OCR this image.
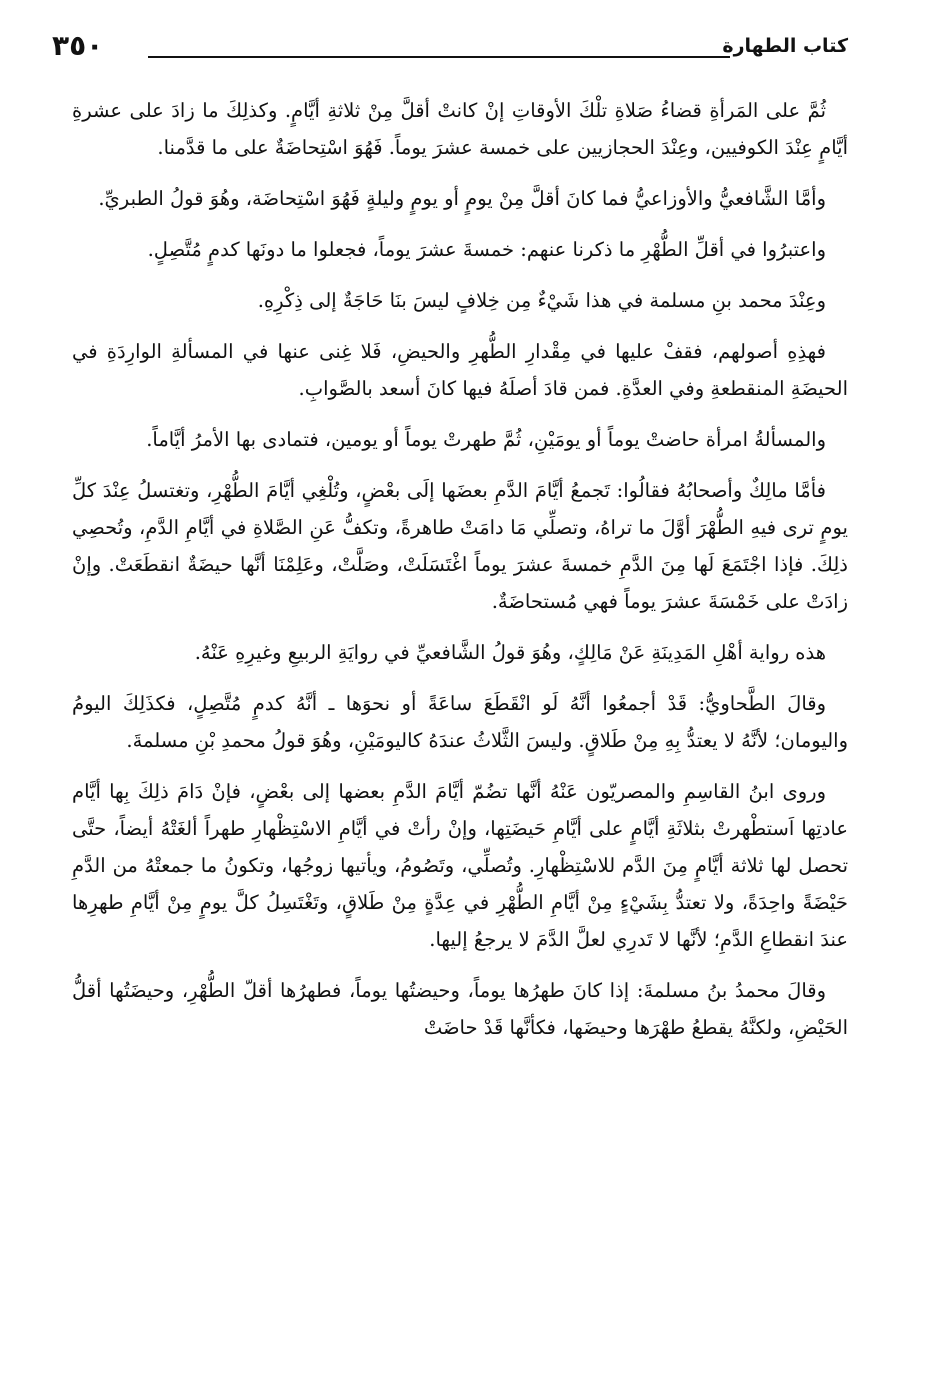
٣٥٠	كتاب الطهارة

ثُمَّ على المَرأةِ قضاءُ صَلاةِ تلْكَ الأوقاتِ إنْ كانتْ أقلَّ مِنْ ثلاثةِ أيَّامٍ. وكذلِكَ ما زادَ على عشرةِ أيَّامٍ عِنْدَ الكوفيين، وعِنْدَ الحجازيين على خمسة عشرَ يوماً. فَهُوَ اسْتِحاضَةٌ على ما قدَّمنا.

وأمَّا الشَّافعيُّ والأوزاعيُّ فما كانَ أقلَّ مِنْ يومٍ أو يومٍ وليلةٍ فَهُوَ اسْتِحاضَة، وهُوَ قولُ الطبريِّ.

واعتبرُوا في أقلِّ الطُّهْرِ ما ذكرنا عنهم: خمسةَ عشرَ يوماً، فجعلوا ما دونَها كدمٍ مُتَّصِلٍ.

وعِنْدَ محمد بنِ مسلمة في هذا شَيْءٌ مِن خِلافٍ ليسَ بنَا حَاجَةٌ إلى ذِكْرِهِ.

فهذِهِ أصولهم، فقفْ عليها في مِقْدارِ الطُّهرِ والحيضِ، فَلا غِنى عنها في المسألةِ الوارِدَةِ في الحيضَةِ المنقطعةِ وفي العدَّةِ. فمن قادَ أصلَهُ فيها كانَ أسعد بالصَّوابِ.

والمسألةُ امرأة حاضتْ يوماً أو يومَيْنِ، ثُمَّ طهرتْ يوماً أو يومين، فتمادى بها الأمرُ أيَّاماً.

فأمَّا مالِكٌ وأصحابُهُ فقالُوا: تَجمعُ أيَّامَ الدَّمِ بعضَها إلَى بعْضٍ، وتُلْغِي أيَّامَ الطُّهْرِ، وتغتسلُ عِنْدَ كلِّ يومٍ ترى فيهِ الطُّهْرَ أوَّلَ ما تراهُ، وتصلِّي مَا دامَتْ طاهرةً، وتكفُّ عَنِ الصَّلاةِ في أيَّامِ الدَّمِ، وتُحصِي ذلِكَ. فإذا اجْتَمَعَ لَها مِنَ الدَّمِ خمسةَ عشرَ يوماً اغْتَسَلَتْ، وصَلَّتْ، وعَلِمْنَا أنَّها حيضَةٌ انقطَعَتْ. وإنْ زادَتْ على خَمْسَةَ عشرَ يوماً فهي مُستحاضَةٌ.

هذه رواية أهْلِ المَدِينَةِ عَنْ مَالِكٍ، وهُوَ قولُ الشَّافعيِّ في روايَةِ الربيعِ وغيرِهِ عَنْهُ.

وقالَ الطَّحاويُّ: قَدْ أجمعُوا أنَّهُ لَو انْقَطَعَ ساعَةً أو نحوَها ـ أنَّهُ كدمٍ مُتَّصِلٍ، فكذَلِكَ اليومُ واليومان؛ لأنَّهُ لا يعتدُّ بِهِ مِنْ طَلاقٍ. وليسَ الثَّلاثُ عندَهُ كاليومَيْنِ، وهُوَ قولُ محمدِ بْنِ مسلمةَ.

وروى ابنُ القاسِمِ والمصريّون عَنْهُ أنَّها تضُمّ أيَّامَ الدَّمِ بعضها إلى بعْضٍ، فإنْ دَامَ ذلِكَ بِها أيَّام عادتِها اَستطْهرتْ بثلاثَةِ أيَّامٍ على أيَّامِ حَيضَتِها، وإنْ رأتْ في أيَّامِ الاسْتِظْهارِ طهراً ألغَتْهُ أيضاً، حتَّى تحصل لها ثلاثة أيَّامٍ مِنَ الدَّم للاسْتِظْهارِ. وتُصلِّي، وتَصُومُ، ويأتيها زوجُها، وتكونُ ما جمعتْهُ من الدَّمِ حَيْضَةً واحِدَةً، ولا تعتدُّ بِشَيْءٍ مِنْ أيَّامِ الطُّهْرِ في عِدَّةٍ مِنْ طَلاقٍ، وتَغْتَسِلُ كلَّ يومٍ مِنْ أيَّامِ طهرِها عندَ انقطاعِ الدَّمِ؛ لأنَّها لا تَدرِي لعلَّ الدَّمَ لا يرجعُ إليها.

وقالَ محمدُ بنُ مسلمةَ: إذا كانَ طهرُها يوماً، وحيضتُها يوماً، فطهرُها أقلّ الطُّهْرِ، وحيضَتُها أقلُّ الحَيْضِ، ولكنَّهُ يقطعُ طهْرَها وحيضَها، فكأنَّها قَدْ حاضَتْ
